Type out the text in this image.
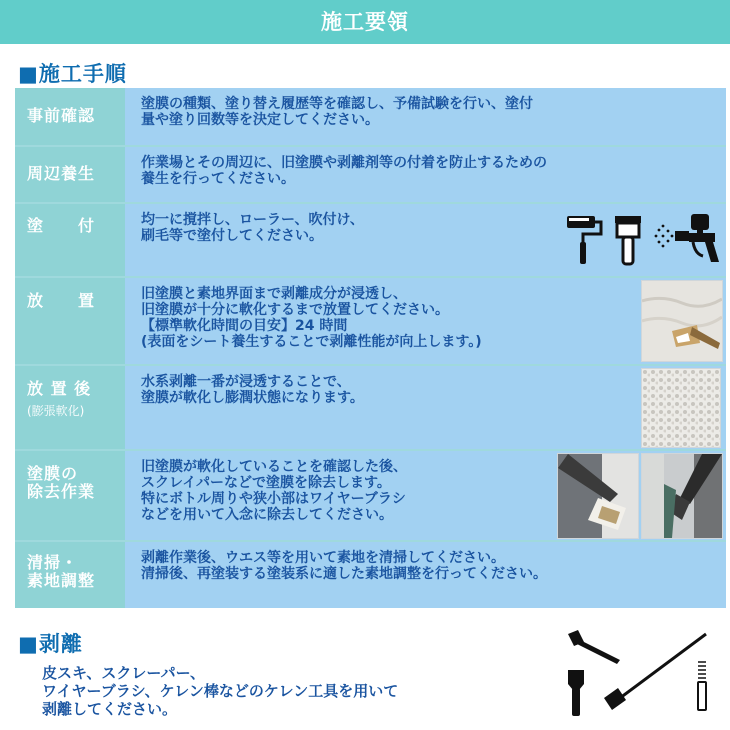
施工要領
■施工手順
事前確認
塗膜の種類、塗り替え履歴等を確認し、予備試験を行い、塗付
量や塗り回数等を決定してください。
周辺養生
作業場とその周辺に、旧塗膜や剥離剤等の付着を防止するための
養生を行ってください。
塗　　付	均一に撹拌し、ローラー、吹付け、
刷毛等で塗付してください。
放　　置	旧塗膜と素地界面まで剥離成分が浸透し、
旧塗膜が十分に軟化するまで放置してください。
【標準軟化時間の目安】24 時間
(表面をシート養生することで剥離性能が向上します。)
放 置 後
(膨張軟化)
水系剥離一番が浸透することで、
塗膜が軟化し膨潤状態になります。
塗膜の
除去作業
旧塗膜が軟化していることを確認した後、
スクレイパーなどで塗膜を除去します。
特にボトル周りや狭小部はワイヤーブラシ
などを用いて入念に除去してください。
清掃・
素地調整
剥離作業後、ウエス等を用いて素地を清掃してください。
清掃後、再塗装する塗装系に適した素地調整を行ってください。
■剥離
皮スキ、スクレーパー、
ワイヤーブラシ、ケレン棒などのケレン工具を用いて
剥離してください。
